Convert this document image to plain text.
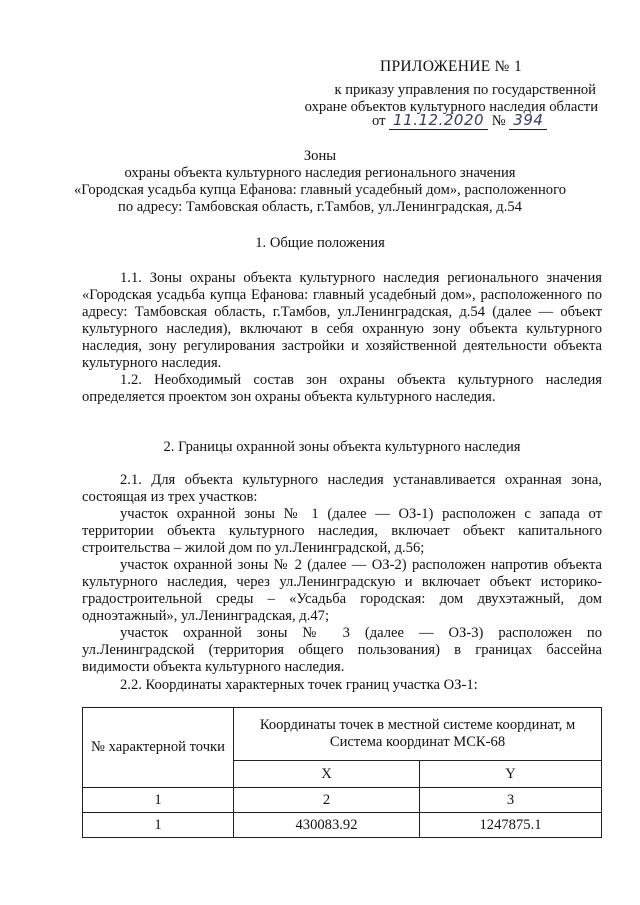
ПРИЛОЖЕНИЕ № 1
к приказу управления по государственной
охране объектов культурного наследия области
от 11.12.2020 № 394
Зоны
охраны объекта культурного наследия регионального значения
«Городская усадьба купца Ефанова: главный усадебный дом», расположенного
по адресу: Тамбовская область, г.Тамбов, ул.Ленинградская, д.54
1. Общие положения
1.1. Зоны охраны объекта культурного наследия регионального значения «Городская усадьба купца Ефанова: главный усадебный дом», расположенного по адресу: Тамбовская область, г.Тамбов, ул.Ленинградская, д.54 (далее — объект культурного наследия), включают в себя охранную зону объекта культурного наследия, зону регулирования застройки и хозяйственной деятельности объекта культурного наследия.
1.2. Необходимый состав зон охраны объекта культурного наследия определяется проектом зон охраны объекта культурного наследия.
2. Границы охранной зоны объекта культурного наследия
2.1. Для объекта культурного наследия устанавливается охранная зона, состоящая из трех участков:
участок охранной зоны № 1 (далее — ОЗ-1) расположен с запада от территории объекта культурного наследия, включает объект капитального строительства – жилой дом по ул.Ленинградской, д.56;
участок охранной зоны № 2 (далее — ОЗ-2) расположен напротив объекта культурного наследия, через ул.Ленинградскую и включает объект историко-градостроительной среды – «Усадьба городская: дом двухэтажный, дом одноэтажный», ул.Ленинградская, д.47;
участок охранной зоны № 3 (далее — ОЗ-3) расположен по ул.Ленинградской (территория общего пользования) в границах бассейна видимости объекта культурного наследия.
2.2. Координаты характерных точек границ участка ОЗ-1:
№ характерной точки	Координаты точек в местной системе координат, м
Система координат МСК-68	

	X	Y
1	2	3
1	430083.92	1247875.1
